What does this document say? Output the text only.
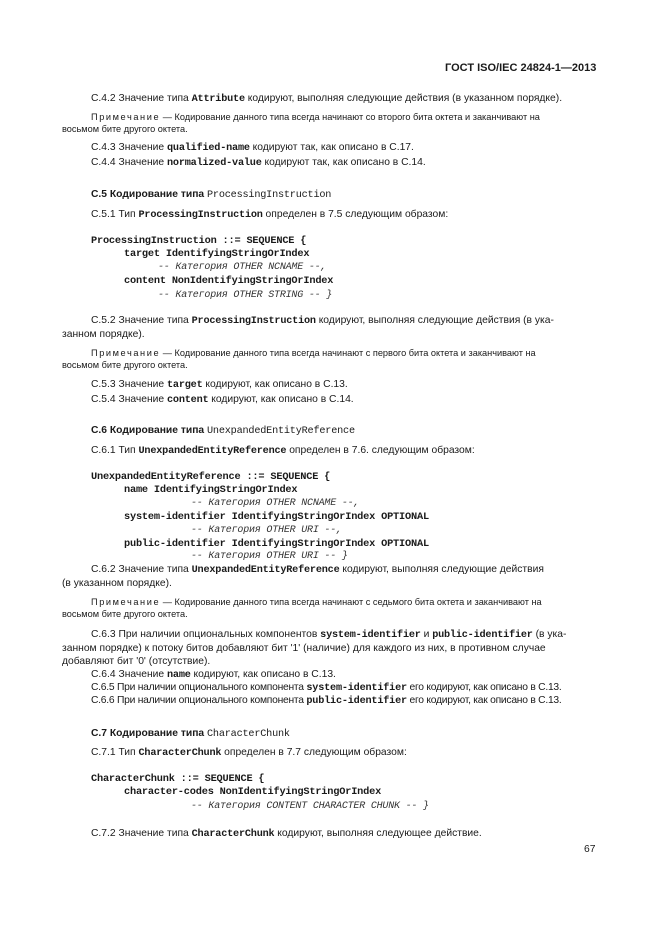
ГОСТ ISO/IEC 24824-1—2013
C.4.2 Значение типа Attribute кодируют, выполняя следующие действия (в указанном порядке).
Примечание — Кодирование данного типа всегда начинают со второго бита октета и заканчивают на
восьмом бите другого октета.
C.4.3 Значение qualified-name кодируют так, как описано в C.17.
C.4.4 Значение normalized-value кодируют так, как описано в C.14.
C.5 Кодирование типа ProcessingInstruction
C.5.1 Тип ProcessingInstruction определен в 7.5 следующим образом:
ProcessingInstruction ::= SEQUENCE {
target IdentifyingStringOrIndex
-- Категория OTHER NCNAME --,
content NonIdentifyingStringOrIndex
-- Категория OTHER STRING -- }
C.5.2 Значение типа ProcessingInstruction кодируют, выполняя следующие действия (в ука-
занном порядке).
Примечание — Кодирование данного типа всегда начинают с первого бита октета и заканчивают на
восьмом бите другого октета.
C.5.3 Значение target кодируют, как описано в C.13.
C.5.4 Значение content кодируют, как описано в C.14.
C.6 Кодирование типа UnexpandedEntityReference
C.6.1 Тип UnexpandedEntityReference определен в 7.6. следующим образом:
UnexpandedEntityReference ::= SEQUENCE {
name IdentifyingStringOrIndex
-- Категория OTHER NCNAME --,
system-identifier IdentifyingStringOrIndex OPTIONAL
-- Категория OTHER URI --,
public-identifier IdentifyingStringOrIndex OPTIONAL
-- Категория OTHER URI -- }
C.6.2 Значение типа UnexpandedEntityReference кодируют, выполняя следующие действия
(в указанном порядке).
Примечание — Кодирование данного типа всегда начинают с седьмого бита октета и заканчивают на
восьмом бите другого октета.
C.6.3 При наличии опциональных компонентов system-identifier и public-identifier (в ука-
занном порядке) к потоку битов добавляют бит '1' (наличие) для каждого из них, в противном случае
добавляют бит '0' (отсутствие).
C.6.4 Значение name кодируют, как описано в C.13.
C.6.5 При наличии опционального компонента system-identifier его кодируют, как описано в C.13.
C.6.6 При наличии опционального компонента public-identifier его кодируют, как описано в C.13.
C.7 Кодирование типа CharacterChunk
C.7.1 Тип CharacterChunk определен в 7.7 следующим образом:
CharacterChunk ::= SEQUENCE {
character-codes NonIdentifyingStringOrIndex
-- Категория CONTENT CHARACTER CHUNK -- }
C.7.2 Значение типа CharacterChunk кодируют, выполняя следующее действие.
67
